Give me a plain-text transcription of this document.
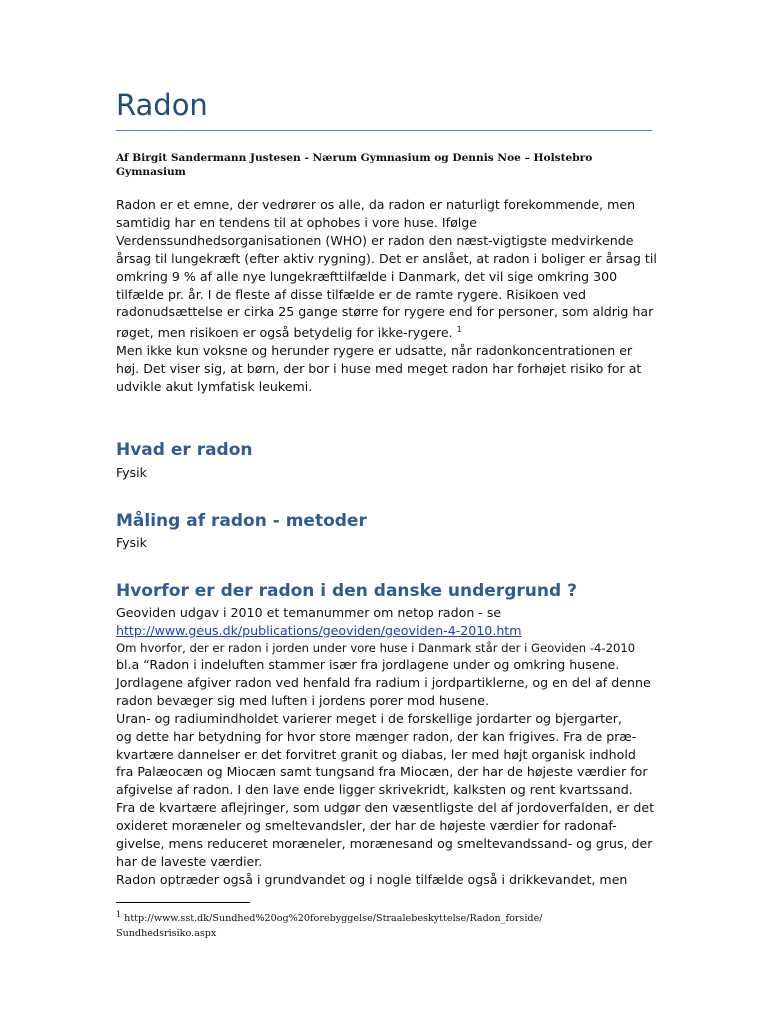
Radon

Af Birgit Sandermann Justesen - Nærum Gymnasium og Dennis Noe – Holstebro
Gymnasium

Radon er et emne, der vedrører os alle, da radon er naturligt forekommende, men
samtidig har en tendens til at ophobes i vore huse. Ifølge
Verdenssundhedsorganisationen (WHO) er radon den næst-vigtigste medvirkende
årsag til lungekræft (efter aktiv rygning). Det er anslået, at radon i boliger er årsag til
omkring 9 % af alle nye lungekræfttilfælde i Danmark, det vil sige omkring 300
tilfælde pr. år. I de fleste af disse tilfælde er de ramte rygere. Risikoen ved
radonudsættelse er cirka 25 gange større for rygere end for personer, som aldrig har
røget, men risikoen er også betydelig for ikke-rygere. $^1$
Men ikke kun voksne og herunder rygere er udsatte, når radonkoncentrationen er
høj. Det viser sig, at børn, der bor i huse med meget radon har forhøjet risiko for at
udvikle akut lymfatisk leukemi.

Hvad er radon

Fysik

Måling af radon - metoder

Fysik

Hvorfor er der radon i den danske undergrund ?

Geoviden udgav i 2010 et temanummer om netop radon - se
http://www.geus.dk/publications/geoviden/geoviden-4-2010.htm

Om hvorfor, der er radon i jorden under vore huse i Danmark står der i Geoviden -4-2010

bl.a “Radon i indeluften stammer især fra jordlagene under og omkring husene.
Jordlagene afgiver radon ved henfald fra radium i jordpartiklerne, og en del af denne
radon bevæger sig med luften i jordens porer mod husene.
Uran- og radiumindholdet varierer meget i de forskellige jordarter og bjergarter,
og dette har betydning for hvor store mænger radon, der kan frigives. Fra de præ-
kvartære dannelser er det forvitret granit og diabas, ler med højt organisk indhold
fra Palæocæn og Miocæn samt tungsand fra Miocæn, der har de højeste værdier for
afgivelse af radon. I den lave ende ligger skrivekridt, kalksten og rent kvartssand.
Fra de kvartære aflejringer, som udgør den væsentligste del af jordoverfalden, er det
oxideret moræneler og smeltevandsler, der har de højeste værdier for radonaf-
givelse, mens reduceret moræneler, morænesand og smeltevandssand- og grus, der
har de laveste værdier.
Radon optræder også i grundvandet og i nogle tilfælde også i drikkevandet, men

$^1$ http://www.sst.dk/Sundhed%20og%20forebyggelse/Straalebeskyttelse/Radon_forside/
Sundhedsrisiko.aspx
